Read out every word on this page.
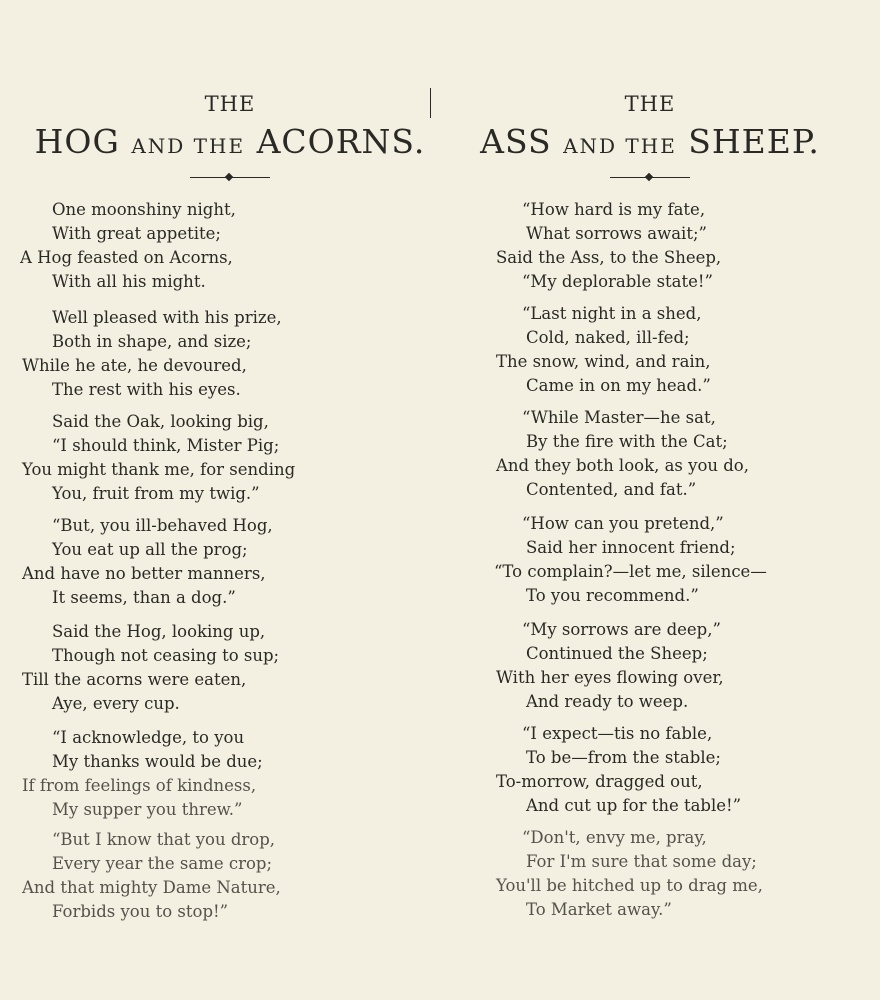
THE
HOG AND THE ACORNS.
One moonshiny night,
With great appetite;
A Hog feasted on Acorns,
With all his might.
Well pleased with his prize,
Both in shape, and size;
While he ate, he devoured,
The rest with his eyes.
Said the Oak, looking big,
“I should think, Mister Pig;
You might thank me, for sending
You, fruit from my twig.”
“But, you ill-behaved Hog,
You eat up all the prog;
And have no better manners,
It seems, than a dog.”
Said the Hog, looking up,
Though not ceasing to sup;
Till the acorns were eaten,
Aye, every cup.
“I acknowledge, to you
My thanks would be due;
If from feelings of kindness,
My supper you threw.”
“But I know that you drop,
Every year the same crop;
And that mighty Dame Nature,
Forbids you to stop!”
THE
ASS AND THE SHEEP.
“How hard is my fate,
What sorrows await;”
Said the Ass, to the Sheep,
“My deplorable state!”
“Last night in a shed,
Cold, naked, ill-fed;
The snow, wind, and rain,
Came in on my head.”
“While Master—he sat,
By the fire with the Cat;
And they both look, as you do,
Contented, and fat.”
“How can you pretend,”
Said her innocent friend;
“To complain?—let me, silence—
To you recommend.”
“My sorrows are deep,”
Continued the Sheep;
With her eyes flowing over,
And ready to weep.
“I expect—tis no fable,
To be—from the stable;
To-morrow, dragged out,
And cut up for the table!”
“Don't, envy me, pray,
For I'm sure that some day;
You'll be hitched up to drag me,
To Market away.”
